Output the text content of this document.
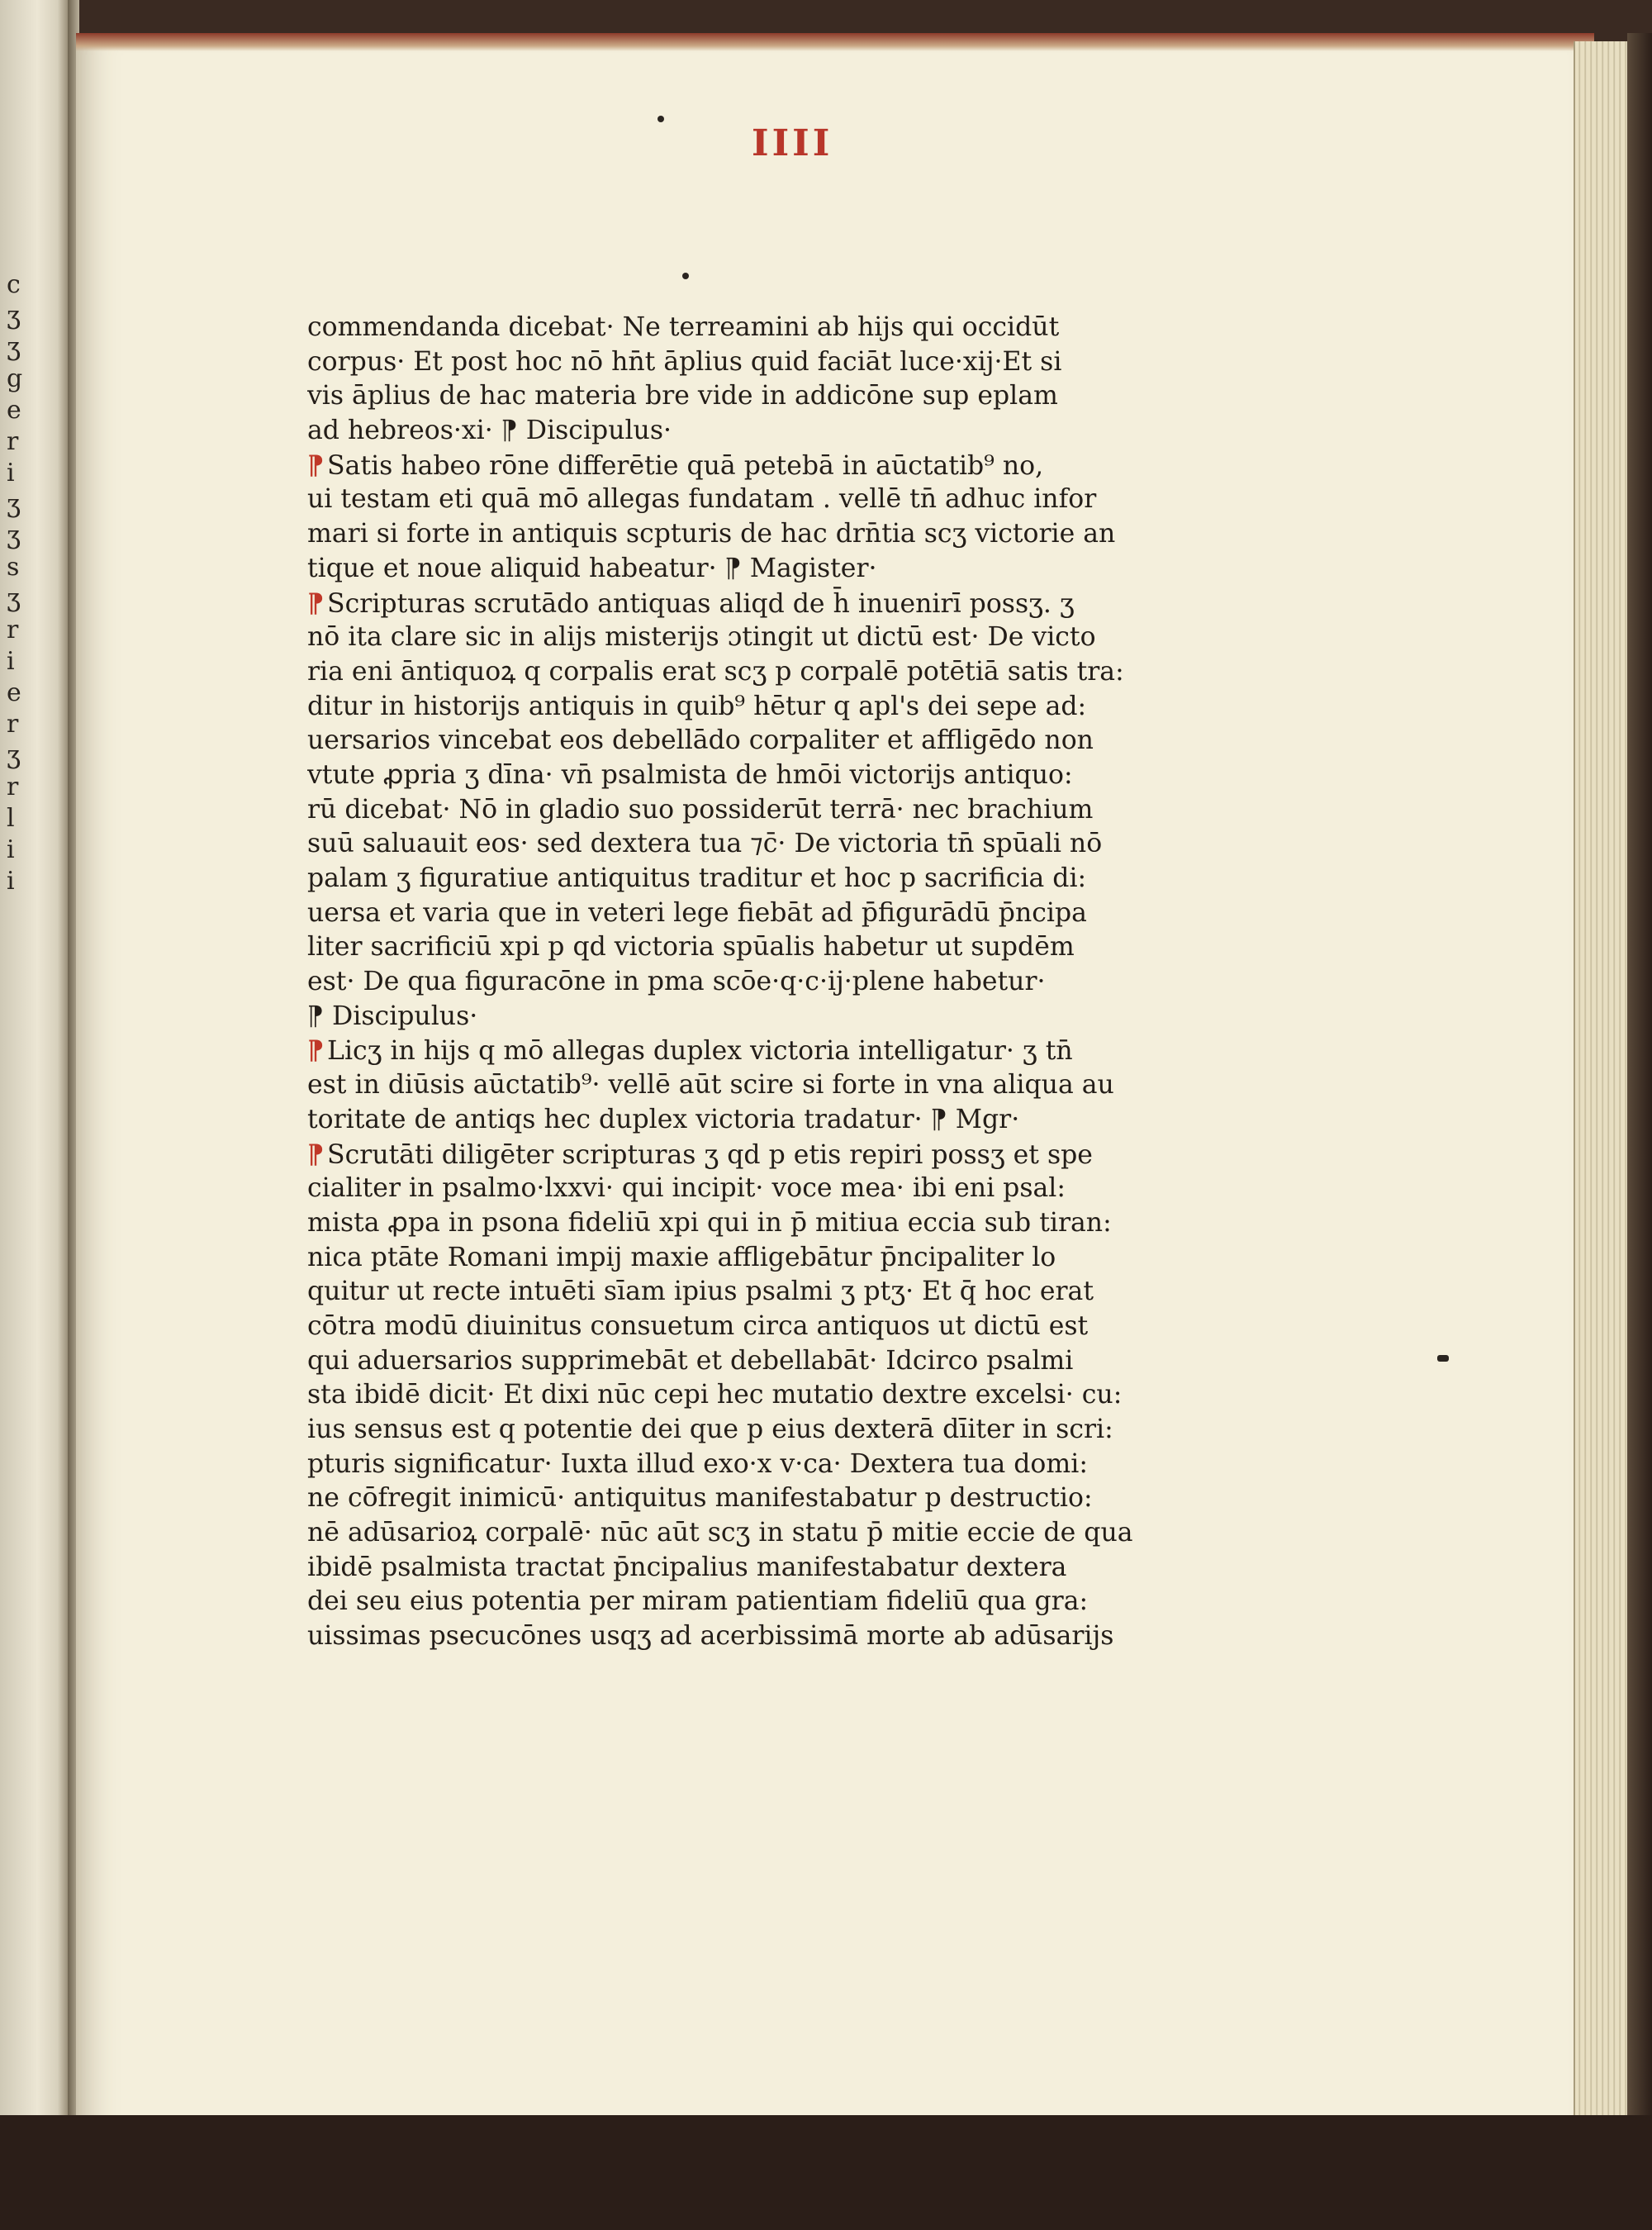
c
ʒ
ʒ
g
e
r
i
ʒ
ʒ
s
ʒ
r
i
e
r
ʒ
r
l
i
i
IIII
commendanda dicebat· Ne terreamini ab hijs qui occidūt
corpus· Et post hoc nō hn̄t āplius quid faciāt luce·xij·Et si
vis āplius de hac materia bre vide in addicōne sup eplam
ad hebreos·xi· ⁋ Discipulus·
⁋ Satis habeo rōne differētie quā petebā in aūctatib⁹ no,
ui testam eti quā mō allegas fundatam . vellē tn̄ adhuc infor
mari si forte in antiquis scpturis de hac drn̄tia scʒ victorie an
tique et noue aliquid habeatur· ⁋ Magister·
⁋ Scripturas scrutādo antiquas aliqd de h̄ inuenirī possʒ. ʒ
nō ita clare sic in alijs misterijs ɔtingit ut dictū est· De victo
ria eni āntiquoꝝ q corpalis erat scʒ p corpalē potētiā satis tra:
ditur in historijs antiquis in quib⁹ hētur q apl's dei sepe ad:
uersarios vincebat eos debellādo corpaliter et affligēdo non
vtute ꝓpria ʒ dīna· vn̄ psalmista de hmōi victorijs antiquo:
rū dicebat· Nō in gladio suo possiderūt terrā· nec brachium
suū saluauit eos· sed dextera tua ⁊c̄· De victoria tn̄ spūali nō
palam ʒ figuratiue antiquitus traditur et hoc p sacrificia di:
uersa et varia que in veteri lege fiebāt ad p̄figurādū p̄ncipa
liter sacrificiū xpi p qd victoria spūalis habetur ut supdēm
est· De qua figuracōne in pma scōe·q·c·ij·plene habetur·
⁋ Discipulus·
⁋ Licʒ in hijs q mō allegas duplex victoria intelligatur· ʒ tn̄
est in diūsis aūctatib⁹· vellē aūt scire si forte in vna aliqua au
toritate de antiqs hec duplex victoria tradatur· ⁋ Mgr·
⁋ Scrutāti diligēter scripturas ʒ qd p etis repiri possʒ et spe
cialiter in psalmo·lxxvi· qui incipit· voce mea· ibi eni psal:
mista ꝓpa in psona fideliū xpi qui in p̄ mitiua eccia sub tiran:
nica ptāte Romani impij maxie affligebātur p̄ncipaliter lo
quitur ut recte intuēti sīam ipius psalmi ʒ ptʒ· Et q̄ hoc erat
cōtra modū diuinitus consuetum circa antiquos ut dictū est
qui aduersarios supprimebāt et debellabāt· Idcirco psalmi
sta ibidē dicit· Et dixi nūc cepi hec mutatio dextre excelsi· cu:
ius sensus est q potentie dei que p eius dexterā dīiter in scri:
pturis significatur· Iuxta illud exo·x v·ca· Dextera tua domi:
ne cōfregit inimicū· antiquitus manifestabatur p destructio:
nē adūsarioꝝ corpalē· nūc aūt scʒ in statu p̄ mitie eccie de qua
ibidē psalmista tractat p̄ncipalius manifestabatur dextera
dei seu eius potentia per miram patientiam fideliū qua gra:
uissimas psecucōnes usqʒ ad acerbissimā morte ab adūsarijs
